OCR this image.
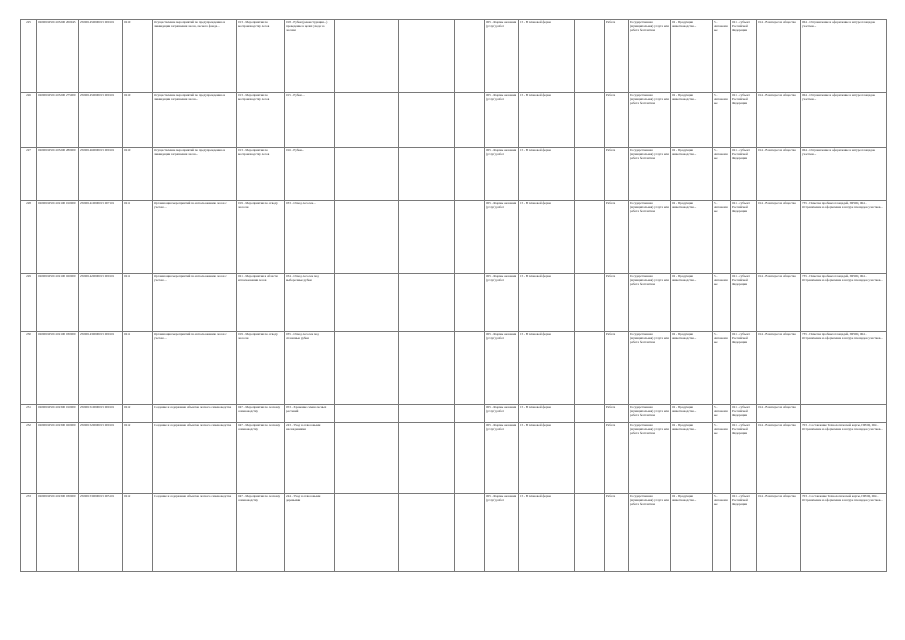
225	0200001P451103200 200045	250001450000015 000101	0210	Осуществление мероприятий по предупреждению и ликвидации загрязнения лесов, лесного фонда...	013 - Мероприятия по воспроизводству лесов	018 - Рубки (реконструкции...) проведение в целях ухода за лесами				005 - Формы оказания (услуг) работ	15 - В плановой форме		Работа	Государственная (муниципальная) услуга или работа бесплатная	02 - Продукция животноводства...	5 - Автономные	021 - субъект Российской Федерации	014 - В интересах общества	064 - Отграничение и оформление в натуре площадок участков...

226	0200001P451103200 275000	250001450000015 000101	0210	Осуществление мероприятий по предупреждению и ликвидации загрязнения лесов...	013 - Мероприятия по воспроизводству лесов	015 - Рубки ...				005 - Формы оказания (услуг) работ	15 - В плановой форме		Работа	Государственная (муниципальная) услуга или работа бесплатная	02 - Продукция животноводства...	5 - Автономные	021 - субъект Российской Федерации	014 - В интересах общества	064 - Отграничение и оформление в натуре площадок участков...

227	0200001P451103200 280000	250001460000015 000101	0210	Осуществление мероприятий по предупреждению и ликвидации загрязнения лесов...	013 - Мероприятия по воспроизводству лесов	016 - Рубки...				005 - Формы оказания (услуг) работ	15 - В плановой форме		Работа	Государственная (муниципальная) услуга или работа бесплатная	02 - Продукция животноводства...	5 - Автономные	021 - субъект Российской Федерации	014 - В интересах общества	064 - Отграничение и оформление в натуре площадок участков...

228	0200001P451102100 010000	250001410000015 007101	0211	Организация мероприятий по использованию лесов с учетом ...	019 - Мероприятия по отводу лесосек	033 - Отвод лесосек...				005 - Формы оказания (услуг) работ	15 - В плановой форме		Работа	Государственная (муниципальная) услуга или работа бесплатная	02 - Продукция животноводства...	5 - Автономные	021 - субъект Российской Федерации	014 - В интересах общества	735 - Пометка пробных площадей, ПРОЦ, 064 - Отграничение и оформление в натуре площадок участков...

229	0200001P451102100 020000	250001420000015 000101	0211	Организация мероприятий по использованию лесов с учетом ...	021 - Мероприятия в области использования лесов	034 - Отвод лесосек под выборочные рубки				005 - Формы оказания (услуг) работ	15 - В плановой форме		Работа	Государственная (муниципальная) услуга или работа бесплатная	02 - Продукция животноводства...	5 - Автономные	021 - субъект Российской Федерации	014 - В интересах общества	735 - Пометка пробных площадей, ПРОЦ, 064 - Отграничение и оформление в натуре площадок участков...

230	0200001P451102100 030000	250001430000015 000101	0211	Организация мероприятий по использованию лесов с учетом ...	019 - Мероприятия по отводу лесосек	035 - Отвод лесосек под сплошные рубки				005 - Формы оказания (услуг) работ	15 - В плановой форме		Работа	Государственная (муниципальная) услуга или работа бесплатная	02 - Продукция животноводства...	5 - Автономные	021 - субъект Российской Федерации	014 - В интересах общества	735 - Пометка пробных площадей, ПРОЦ, 064 - Отграничение и оформление в натуре площадок участков...

231	0200001P451102300 010000	250001510000015 000101	0212	Создание и содержание объектов лесного семеноводства	047 - Мероприятия по лесному семеноводству	053 - Хранение семян лесных растений				005 - Формы оказания (услуг) работ	15 - В плановой форме		Работа	Государственная (муниципальная) услуга или работа бесплатная	02 - Продукция животноводства...	5 - Автономные	021 - субъект Российской Федерации	014 - В интересах общества	

232	0200001P451102300 020000	250001520000015 000101	0212	Создание и содержание объектов лесного семеноводства	047 - Мероприятия по лесному семеноводству	243 - Уход за плюсовыми насаждениями				005 - Формы оказания (услуг) работ	15 - В плановой форме		Работа	Государственная (муниципальная) услуга или работа бесплатная	02 - Продукция животноводства...	5 - Автономные	021 - субъект Российской Федерации	014 - В интересах общества	703 - Составление Технологической карты, ПРОЦ, 064 - Отграничение и оформление в натуре площадок участков...

233	0200001P451102300 030000	250001530000015 005101	0212	Создание и содержание объектов лесного семеноводства	047 - Мероприятия по лесному семеноводству	244 - Уход за плюсовыми деревьями				005 - Формы оказания (услуг) работ	15 - В плановой форме		Работа	Государственная (муниципальная) услуга или работа бесплатная	02 - Продукция животноводства...	5 - Автономные	021 - субъект Российской Федерации	014 - В интересах общества	703 - Составление Технологической карты, ПРОЦ, 064 - Отграничение и оформление в натуре площадок участков...
